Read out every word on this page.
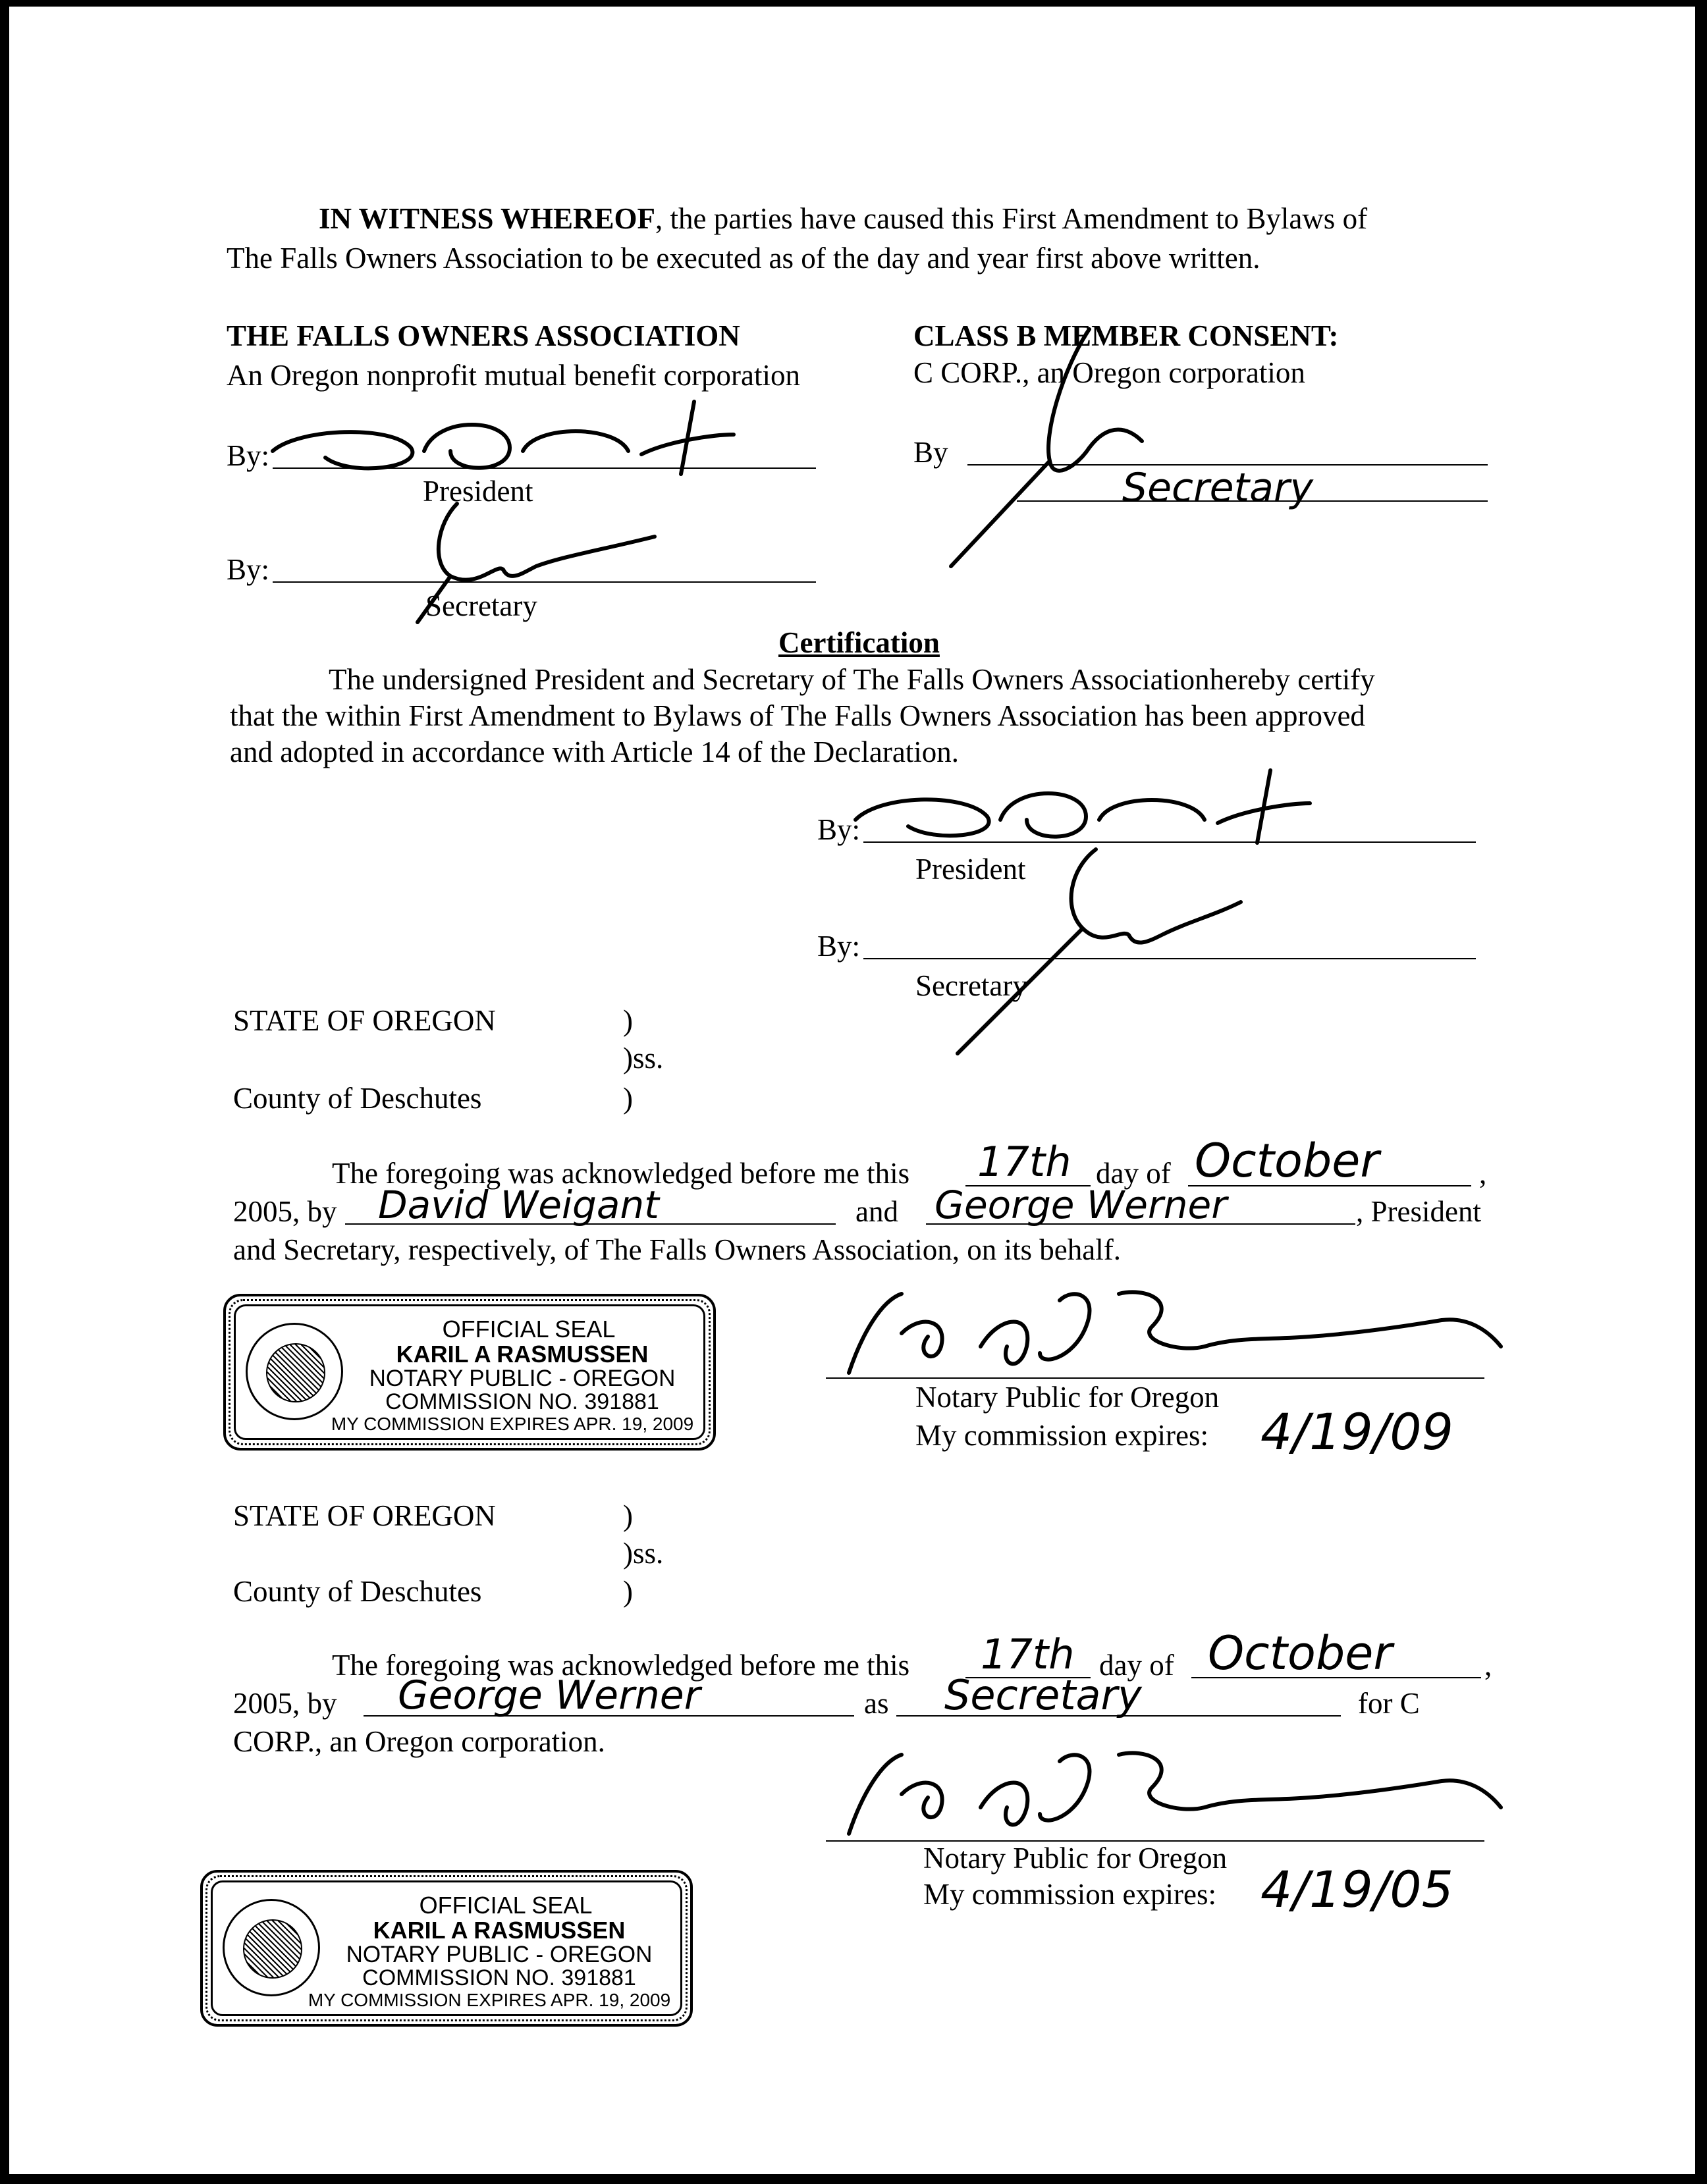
IN WITNESS WHEREOF, the parties have caused this First Amendment to Bylaws of
The Falls Owners Association to be executed as of the day and year first above written.
THE FALLS OWNERS ASSOCIATION
An Oregon nonprofit mutual benefit corporation
By:
President
By:
Secretary
CLASS B MEMBER CONSENT:
C CORP., an Oregon corporation
By
Secretary
Certification
The undersigned President and Secretary of The Falls Owners Associationhereby certify
that the within First Amendment to Bylaws of The Falls Owners Association has been approved
and adopted in accordance with Article 14 of the Declaration.
By:
President
By:
Secretary
STATE OF OREGON	)
)ss.
County of Deschutes	)
The foregoing was acknowledged before me this 17th day of October	,
2005, by David Weigant	and George Werner	, President
and Secretary, respectively, of The Falls Owners Association, on its behalf.
Notary Public for Oregon
My commission expires: 4/19/09
STATE OF OREGON	)
)ss.
County of Deschutes	)
The foregoing was acknowledged before me this 17th day of October	,
2005, by George Werner	as Secretary	for C
CORP., an Oregon corporation.
Notary Public for Oregon
My commission expires: 4/19/05
OFFICIAL SEAL
KARIL A RASMUSSEN
NOTARY PUBLIC - OREGON
COMMISSION NO. 391881
MY COMMISSION EXPIRES APR. 19, 2009
OFFICIAL SEAL
KARIL A RASMUSSEN
NOTARY PUBLIC - OREGON
COMMISSION NO. 391881
MY COMMISSION EXPIRES APR. 19, 2009
